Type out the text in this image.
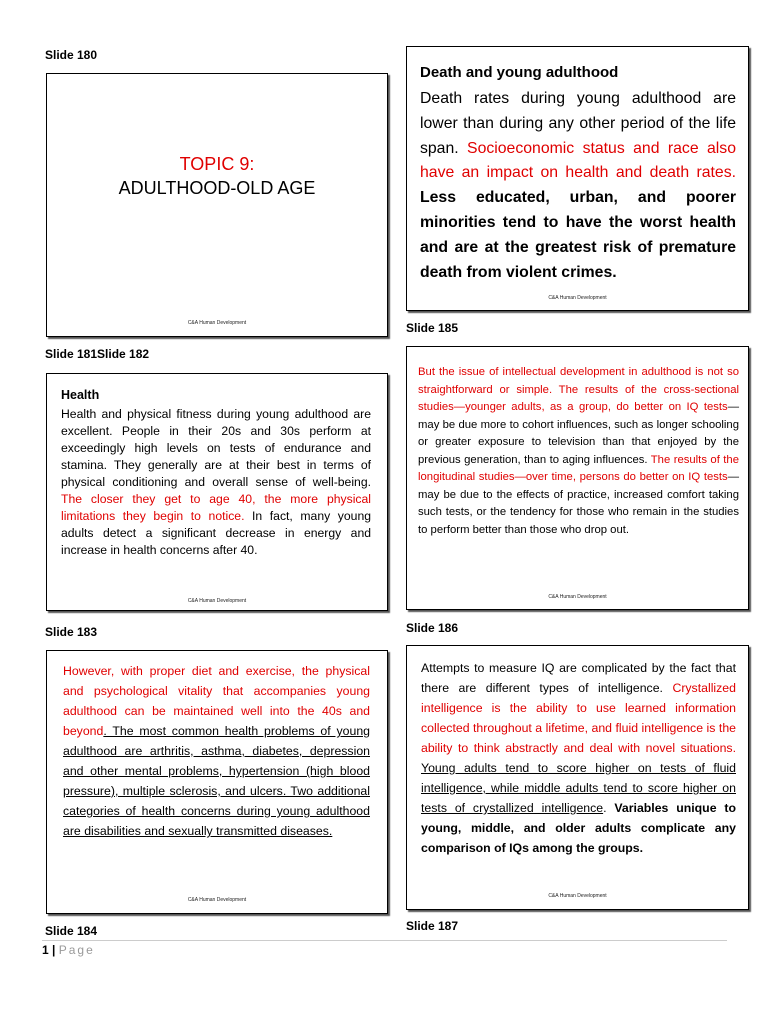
Slide 180
Slide 181Slide 182
Slide 183
Slide 184
Slide 185
Slide 186
Slide 187
TOPIC 9:
ADULTHOOD-OLD AGE
C&A Human Development
Death and young adulthood
Death rates during young adulthood are lower than during any other period of the life span. Socioeconomic status and race also have an impact on health and death rates. Less educated, urban, and poorer minorities tend to have the worst health and are at the greatest risk of premature death from violent crimes.
C&A Human Development
Health
Health and physical fitness during young adulthood are excellent. People in their 20s and 30s perform at exceedingly high levels on tests of endurance and stamina. They generally are at their best in terms of physical conditioning and overall sense of well-being. The closer they get to age 40, the more physical limitations they begin to notice. In fact, many young adults detect a significant decrease in energy and increase in health concerns after 40.
C&A Human Development
But the issue of intellectual development in adulthood is not so straightforward or simple. The results of the cross-sectional studies—younger adults, as a group, do better on IQ tests—may be due more to cohort influences, such as longer schooling or greater exposure to television than that enjoyed by the previous generation, than to aging influences. The results of the longitudinal studies—over time, persons do better on IQ tests—may be due to the effects of practice, increased comfort taking such tests, or the tendency for those who remain in the studies to perform better than those who drop out.
C&A Human Development
However, with proper diet and exercise, the physical and psychological vitality that accompanies young adulthood can be maintained well into the 40s and beyond. The most common health problems of young adulthood are arthritis, asthma, diabetes, depression and other mental problems, hypertension (high blood pressure), multiple sclerosis, and ulcers. Two additional categories of health concerns during young adulthood are disabilities and sexually transmitted diseases.
C&A Human Development
Attempts to measure IQ are complicated by the fact that there are different types of intelligence. Crystallized intelligence is the ability to use learned information collected throughout a lifetime, and fluid intelligence is the ability to think abstractly and deal with novel situations. Young adults tend to score higher on tests of fluid intelligence, while middle adults tend to score higher on tests of crystallized intelligence. Variables unique to young, middle, and older adults complicate any comparison of IQs among the groups.
C&A Human Development
1 | Page
